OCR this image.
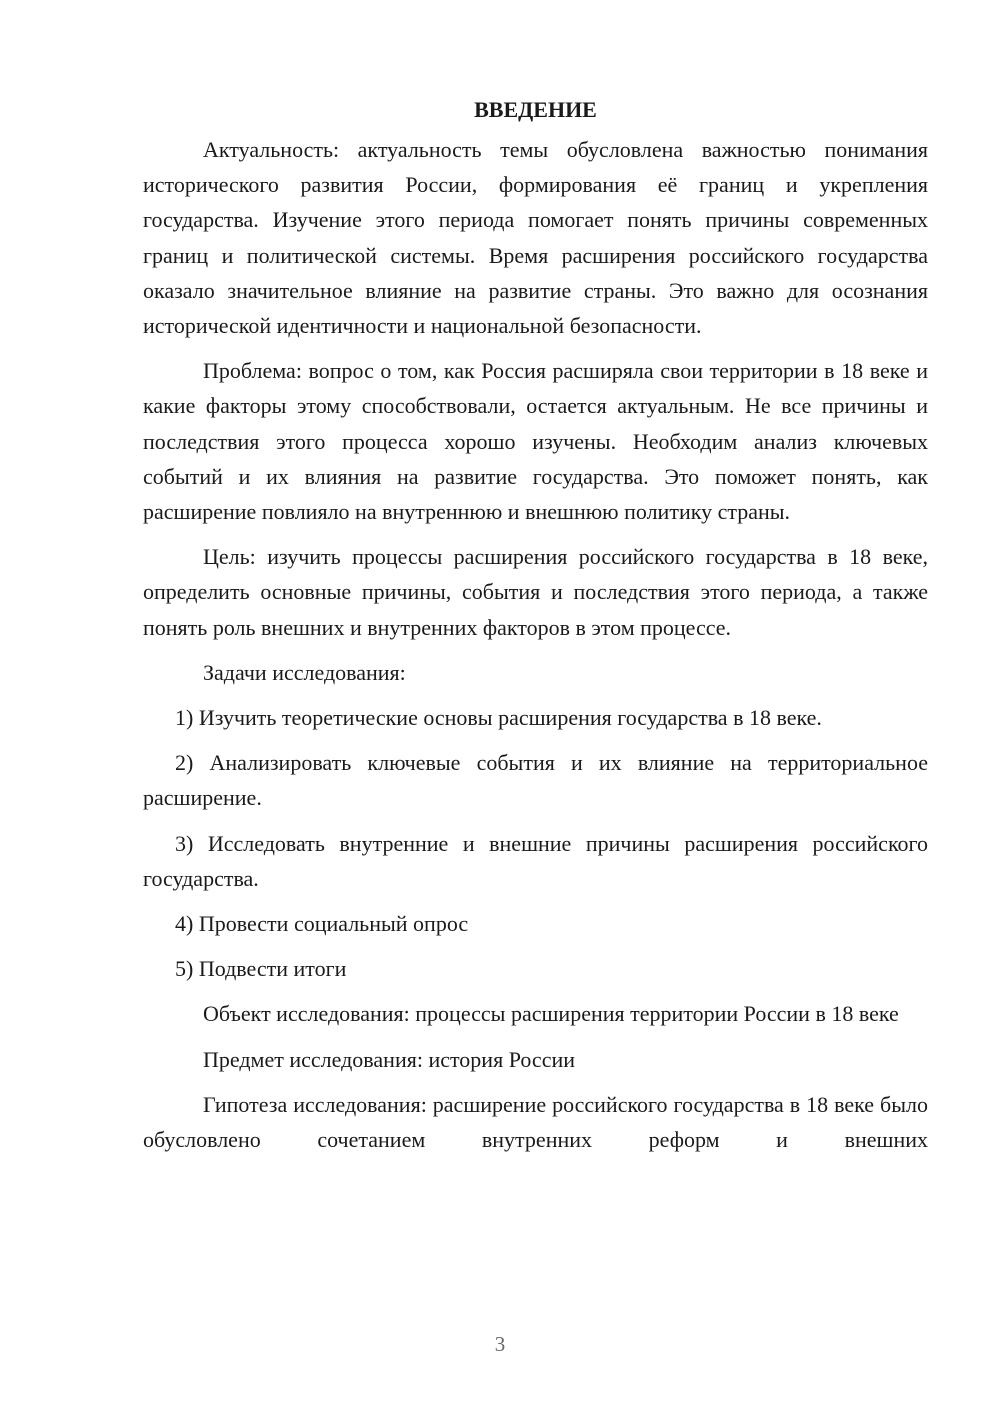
ВВЕДЕНИЕ

Актуальность: актуальность темы обусловлена важностью понимания исторического развития России, формирования её границ и укрепления государства. Изучение этого периода помогает понять причины современных границ и политической системы. Время расширения российского государства оказало значительное влияние на развитие страны. Это важно для осознания исторической идентичности и национальной безопасности.

Проблема: вопрос о том, как Россия расширяла свои территории в 18 веке и какие факторы этому способствовали, остается актуальным. Не все причины и последствия этого процесса хорошо изучены. Необходим анализ ключевых событий и их влияния на развитие государства. Это поможет понять, как расширение повлияло на внутреннюю и внешнюю политику страны.

Цель: изучить процессы расширения российского государства в 18 веке, определить основные причины, события и последствия этого периода, а также понять роль внешних и внутренних факторов в этом процессе.

Задачи исследования:

1) Изучить теоретические основы расширения государства в 18 веке.

2) Анализировать ключевые события и их влияние на территориальное расширение.

3) Исследовать внутренние и внешние причины расширения российского государства.

4) Провести социальный опрос

5) Подвести итоги

Объект исследования: процессы расширения территории России в 18 веке

Предмет исследования: история России

Гипотеза исследования: расширение российского государства в 18 веке было обусловлено сочетанием внутренних реформ и внешних

3
